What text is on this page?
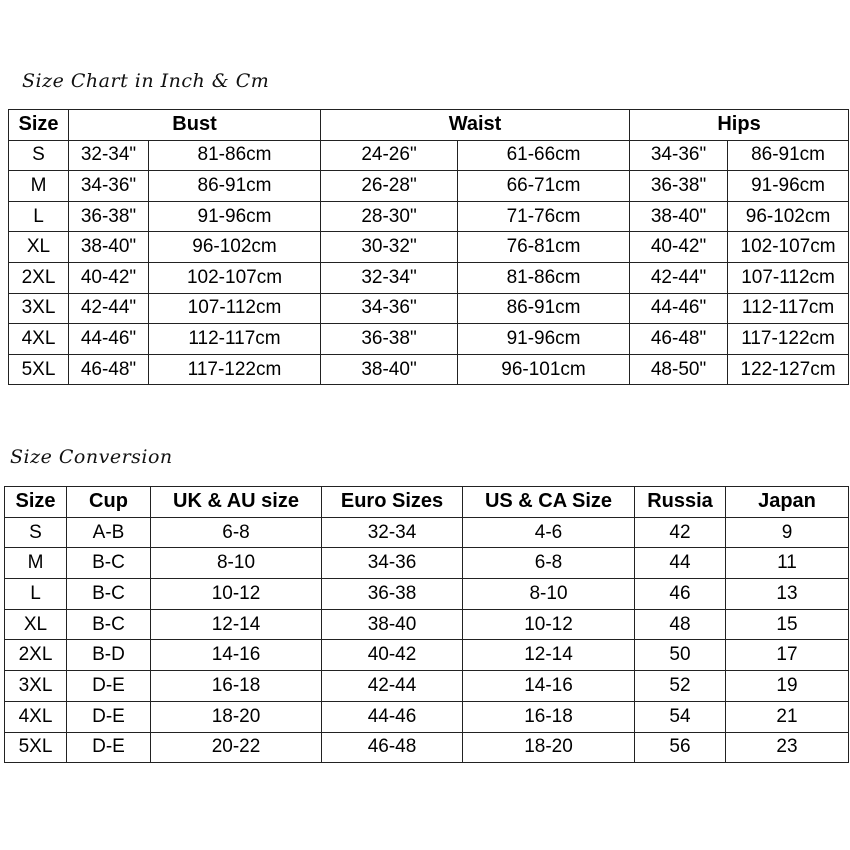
Size Chart in Inch & Cm
Size	Bust		Waist		Hips	
S	32-34"	81-86cm	24-26"	61-66cm	34-36"	86-91cm
M	34-36"	86-91cm	26-28"	66-71cm	36-38"	91-96cm
L	36-38"	91-96cm	28-30"	71-76cm	38-40"	96-102cm
XL	38-40"	96-102cm	30-32"	76-81cm	40-42"	102-107cm
2XL	40-42"	102-107cm	32-34"	81-86cm	42-44"	107-112cm
3XL	42-44"	107-112cm	34-36"	86-91cm	44-46"	112-117cm
4XL	44-46"	112-117cm	36-38"	91-96cm	46-48"	117-122cm
5XL	46-48"	117-122cm	38-40"	96-101cm	48-50"	122-127cm
Size Conversion
Size	Cup	UK & AU size	Euro Sizes	US & CA Size	Russia	Japan
S	A-B	6-8	32-34	4-6	42	9
M	B-C	8-10	34-36	6-8	44	11
L	B-C	10-12	36-38	8-10	46	13
XL	B-C	12-14	38-40	10-12	48	15
2XL	B-D	14-16	40-42	12-14	50	17
3XL	D-E	16-18	42-44	14-16	52	19
4XL	D-E	18-20	44-46	16-18	54	21
5XL	D-E	20-22	46-48	18-20	56	23
